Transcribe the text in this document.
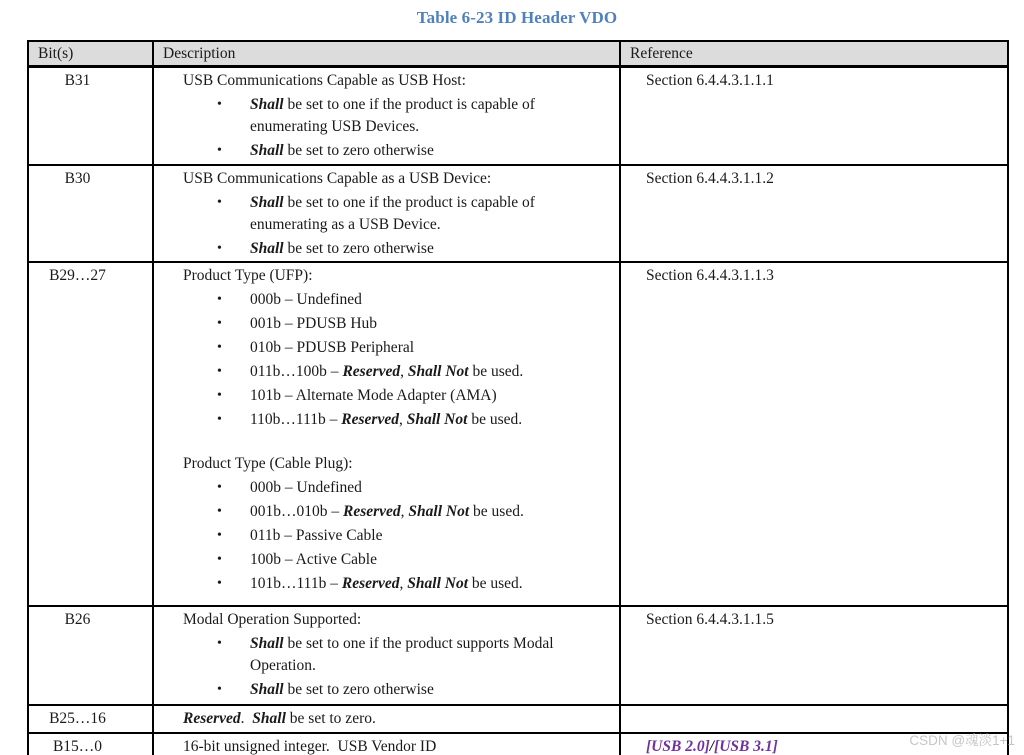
Table 6-23 ID Header VDO
Bit(s)	Description	Reference
B31	USB Communications Capable as USB Host:
• Shall be set to one if the product is capable of enumerating USB Devices.
• Shall be set to zero otherwise	Section 6.4.4.3.1.1.1
B30	USB Communications Capable as a USB Device:
• Shall be set to one if the product is capable of enumerating as a USB Device.
• Shall be set to zero otherwise	Section 6.4.4.3.1.1.2
B29…27	Product Type (UFP):
•	000b – Undefined
•	001b – PDUSB Hub
•	010b – PDUSB Peripheral
•	011b…100b – Reserved, Shall Not be used.
•	101b – Alternate Mode Adapter (AMA)
•	110b…111b – Reserved, Shall Not be used.
Product Type (Cable Plug):
•	000b – Undefined
•	001b…010b – Reserved, Shall Not be used.
•	011b – Passive Cable
•	100b – Active Cable
•	101b…111b – Reserved, Shall Not be used.
	Section 6.4.4.3.1.1.3
B26	Modal Operation Supported:
• Shall be set to one if the product supports Modal Operation.
• Shall be set to zero otherwise	Section 6.4.4.3.1.1.5
B25…16	Reserved.  Shall be set to zero.	

B15…0	16-bit unsigned integer.  USB Vendor ID	[USB 2.0]/[USB 3.1]	CSDN @魂淡1+1
